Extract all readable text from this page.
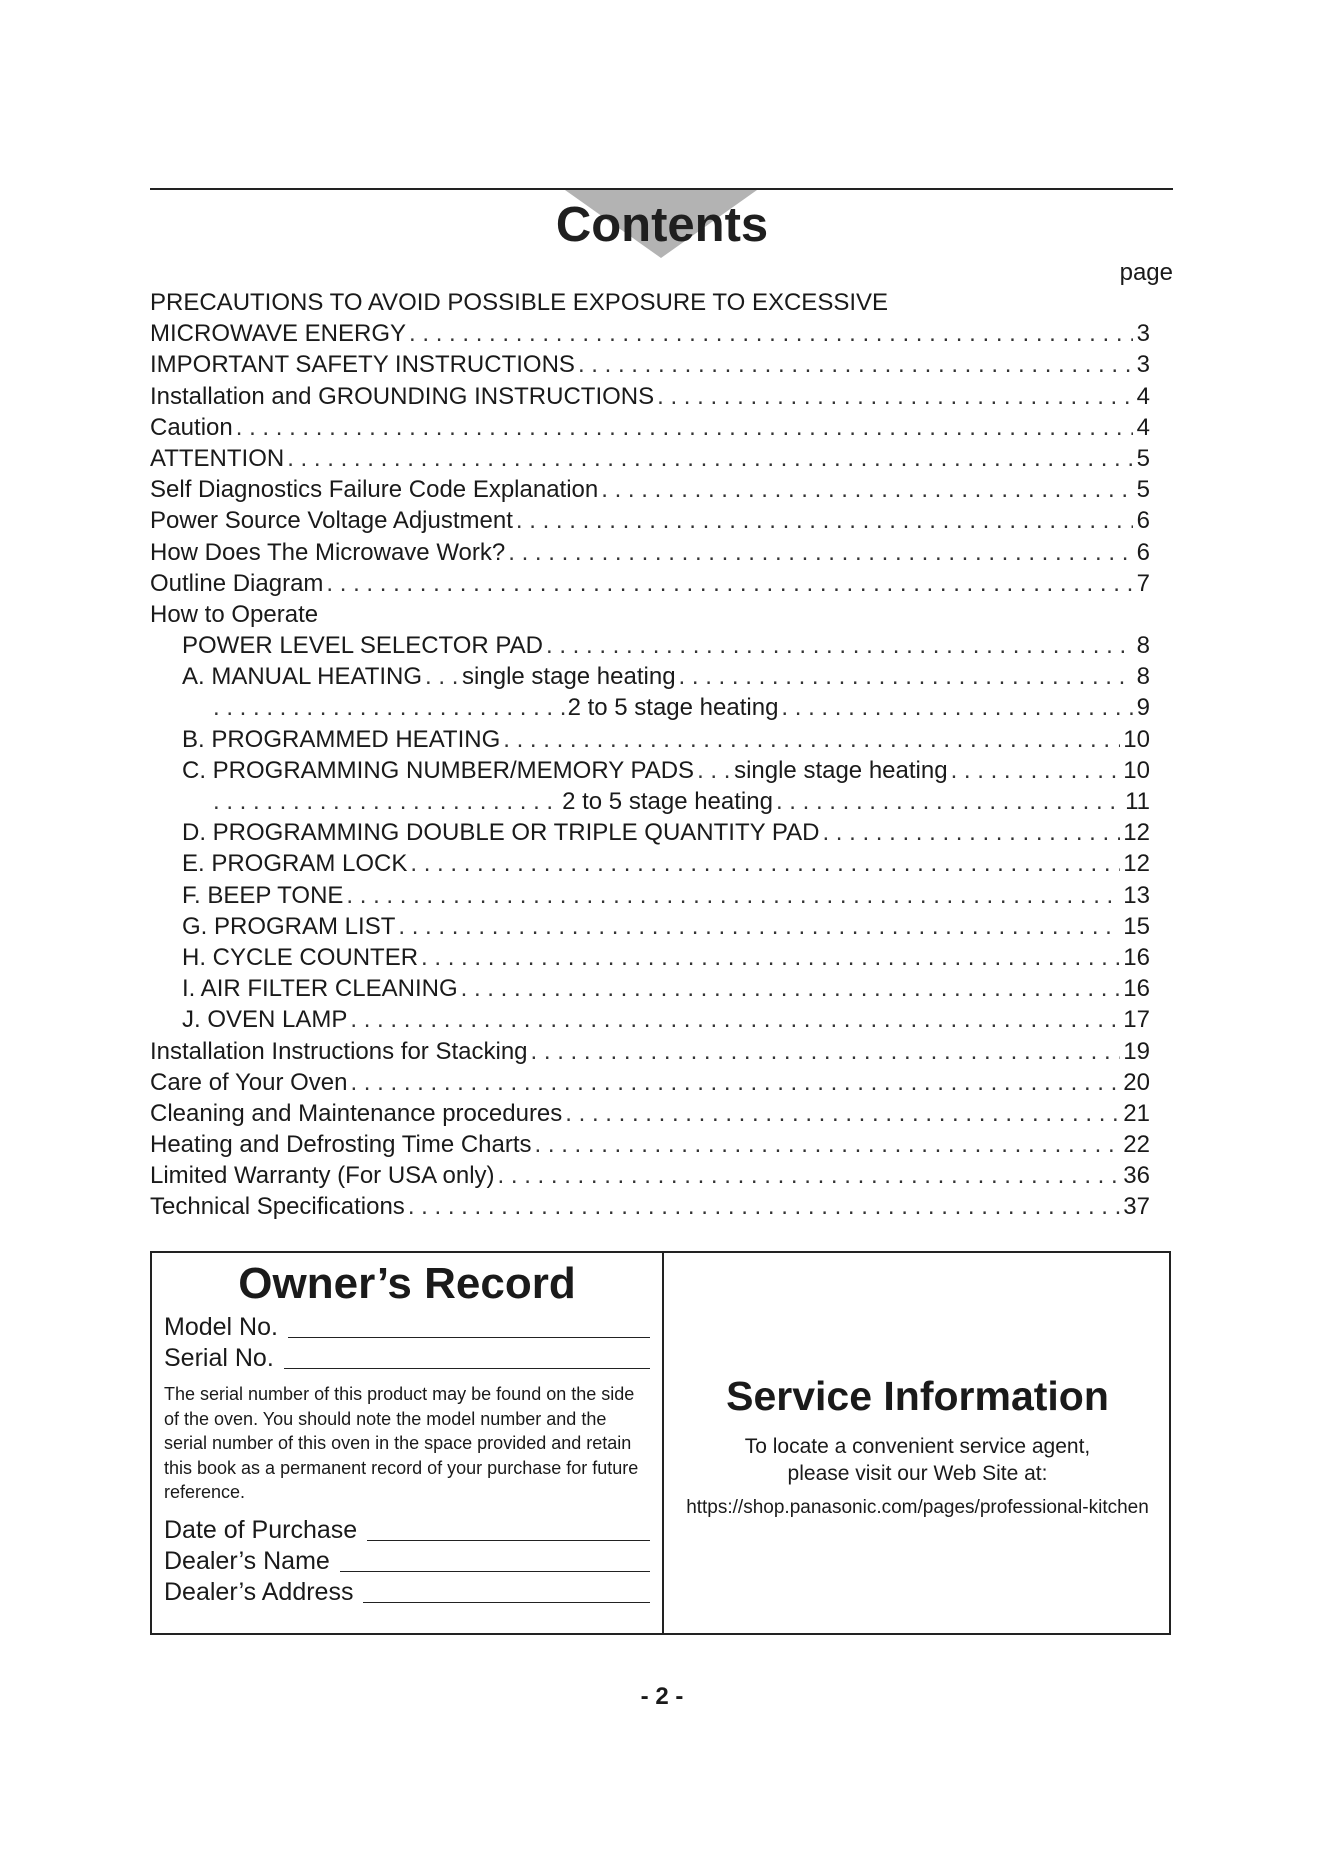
Contents
page
PRECAUTIONS TO AVOID POSSIBLE EXPOSURE TO EXCESSIVE
MICROWAVE ENERGY . . .	3
IMPORTANT SAFETY INSTRUCTIONS . . .	3
Installation and GROUNDING INSTRUCTIONS . . .	4
Caution . . .	4
ATTENTION . . .	5
Self Diagnostics Failure Code Explanation . . .	5
Power Source Voltage Adjustment . . .	6
How Does The Microwave Work? . . .	6
Outline Diagram . . .	7
How to Operate
POWER LEVEL SELECTOR PAD . . .	8
A. MANUAL HEATING . . . single stage heating . . .	8
. . .
2 to 5 stage heating . . .	9
B. PROGRAMMED HEATING . . .	10
C. PROGRAMMING NUMBER/MEMORY PADS . . . single stage heating . . .	10
. . .
2 to 5 stage heating . . .	11
D. PROGRAMMING DOUBLE OR TRIPLE QUANTITY PAD . . .	12
E. PROGRAM LOCK . . .	12
F. BEEP TONE . . .	13
G. PROGRAM LIST . . .	15
H. CYCLE COUNTER . . .	16
I. AIR FILTER CLEANING . . .	16
J. OVEN LAMP . . .	17
Installation Instructions for Stacking . . .	19
Care of Your Oven . . .	20
Cleaning and Maintenance procedures . . .	21
Heating and Defrosting Time Charts . . .	22
Limited Warranty (For USA only) . . .	36
Technical Specifications . . .	37
Owner’s Record
Model No.
Serial No.
The serial number of this product may be found on the side of the oven. You should note the model number and the serial number of this oven in the space provided and retain this book as a permanent record of your purchase for future reference.
Date of Purchase
Dealer’s Name
Dealer’s Address
Service Information
To locate a convenient service agent,
please visit our Web Site at:
https://shop.panasonic.com/pages/professional-kitchen
- 2 -
